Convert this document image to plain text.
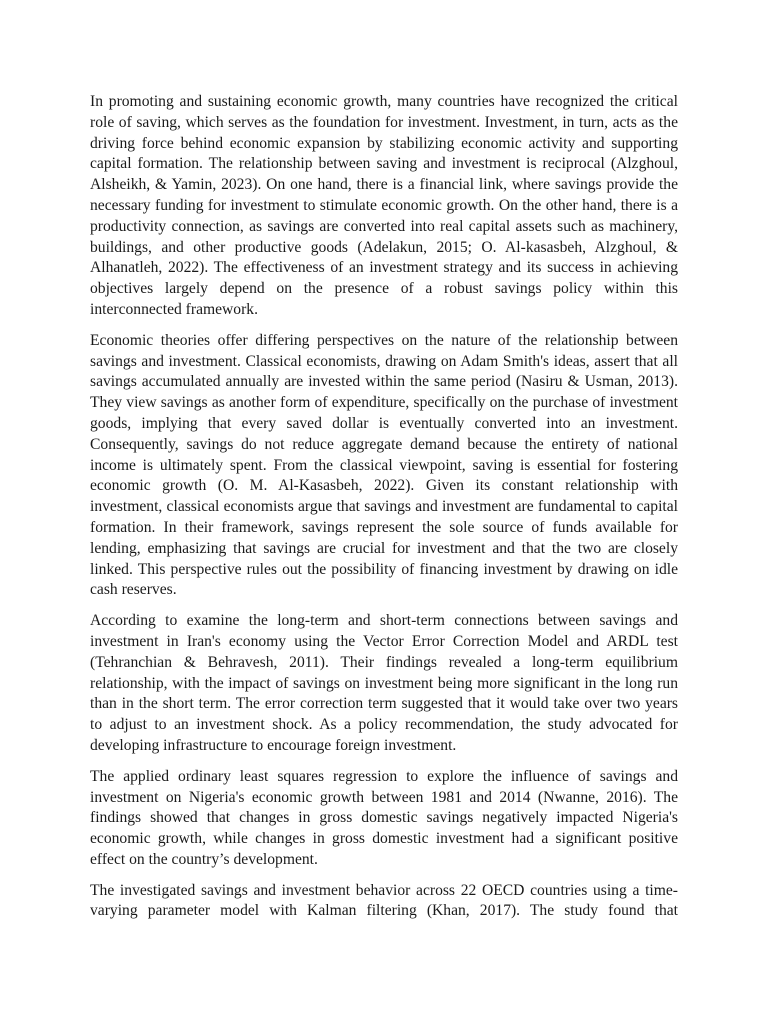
In promoting and sustaining economic growth, many countries have recognized the critical role of saving, which serves as the foundation for investment. Investment, in turn, acts as the driving force behind economic expansion by stabilizing economic activity and supporting capital formation. The relationship between saving and investment is reciprocal (Alzghoul, Alsheikh, & Yamin, 2023). On one hand, there is a financial link, where savings provide the necessary funding for investment to stimulate economic growth. On the other hand, there is a productivity connection, as savings are converted into real capital assets such as machinery, buildings, and other productive goods (Adelakun, 2015; O. Al-kasasbeh, Alzghoul, & Alhanatleh, 2022). The effectiveness of an investment strategy and its success in achieving objectives largely depend on the presence of a robust savings policy within this interconnected framework.

Economic theories offer differing perspectives on the nature of the relationship between savings and investment. Classical economists, drawing on Adam Smith's ideas, assert that all savings accumulated annually are invested within the same period (Nasiru & Usman, 2013). They view savings as another form of expenditure, specifically on the purchase of investment goods, implying that every saved dollar is eventually converted into an investment. Consequently, savings do not reduce aggregate demand because the entirety of national income is ultimately spent. From the classical viewpoint, saving is essential for fostering economic growth (O. M. Al-Kasasbeh, 2022). Given its constant relationship with investment, classical economists argue that savings and investment are fundamental to capital formation. In their framework, savings represent the sole source of funds available for lending, emphasizing that savings are crucial for investment and that the two are closely linked. This perspective rules out the possibility of financing investment by drawing on idle cash reserves.

According to examine the long-term and short-term connections between savings and investment in Iran's economy using the Vector Error Correction Model and ARDL test (Tehranchian & Behravesh, 2011). Their findings revealed a long-term equilibrium relationship, with the impact of savings on investment being more significant in the long run than in the short term. The error correction term suggested that it would take over two years to adjust to an investment shock. As a policy recommendation, the study advocated for developing infrastructure to encourage foreign investment.

The applied ordinary least squares regression to explore the influence of savings and investment on Nigeria's economic growth between 1981 and 2014 (Nwanne, 2016). The findings showed that changes in gross domestic savings negatively impacted Nigeria's economic growth, while changes in gross domestic investment had a significant positive effect on the country’s development.

The investigated savings and investment behavior across 22 OECD countries using a time-varying parameter model with Kalman filtering (Khan, 2017). The study found that
